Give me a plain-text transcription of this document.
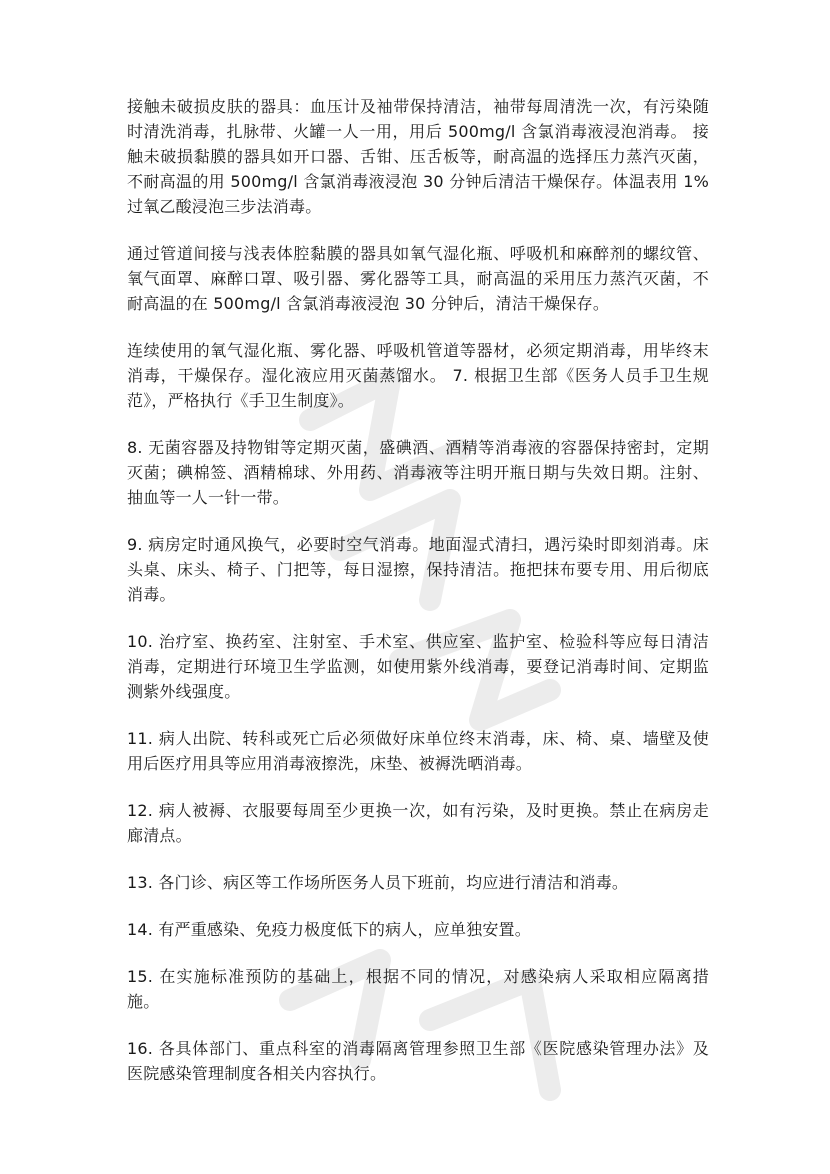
接触未破损皮肤的器具：血压计及袖带保持清洁，袖带每周清洗一次，有污染随时清洗消毒，扎脉带、火罐一人一用，用后 500mg/l 含氯消毒液浸泡消毒。 接触未破损黏膜的器具如开口器、舌钳、压舌板等，耐高温的选择压力蒸汽灭菌，不耐高温的用 500mg/l 含氯消毒液浸泡 30 分钟后清洁干燥保存。体温表用 1% 过氧乙酸浸泡三步法消毒。

通过管道间接与浅表体腔黏膜的器具如氧气湿化瓶、呼吸机和麻醉剂的螺纹管、氧气面罩、麻醉口罩、吸引器、雾化器等工具，耐高温的采用压力蒸汽灭菌，不耐高温的在 500mg/l 含氯消毒液浸泡 30 分钟后，清洁干燥保存。

连续使用的氧气湿化瓶、雾化器、呼吸机管道等器材，必须定期消毒，用毕终末消毒，干燥保存。湿化液应用灭菌蒸馏水。 7. 根据卫生部《医务人员手卫生规范》，严格执行《手卫生制度》。

8. 无菌容器及持物钳等定期灭菌，盛碘酒、酒精等消毒液的容器保持密封，定期灭菌；碘棉签、酒精棉球、外用药、消毒液等注明开瓶日期与失效日期。注射、抽血等一人一针一带。

9. 病房定时通风换气，必要时空气消毒。地面湿式清扫，遇污染时即刻消毒。床头桌、床头、椅子、门把等，每日湿擦，保持清洁。拖把抹布要专用、用后彻底消毒。

10. 治疗室、换药室、注射室、手术室、供应室、监护室、检验科等应每日清洁消毒，定期进行环境卫生学监测，如使用紫外线消毒，要登记消毒时间、定期监测紫外线强度。

11. 病人出院、转科或死亡后必须做好床单位终末消毒，床、椅、桌、墙壁及使用后医疗用具等应用消毒液擦洗，床垫、被褥洗晒消毒。

12. 病人被褥、衣服要每周至少更换一次，如有污染，及时更换。禁止在病房走廊清点。

13. 各门诊、病区等工作场所医务人员下班前，均应进行清洁和消毒。

14. 有严重感染、免疫力极度低下的病人，应单独安置。

15. 在实施标准预防的基础上，根据不同的情况，对感染病人采取相应隔离措施。

16. 各具体部门、重点科室的消毒隔离管理参照卫生部《医院感染管理办法》及医院感染管理制度各相关内容执行。
